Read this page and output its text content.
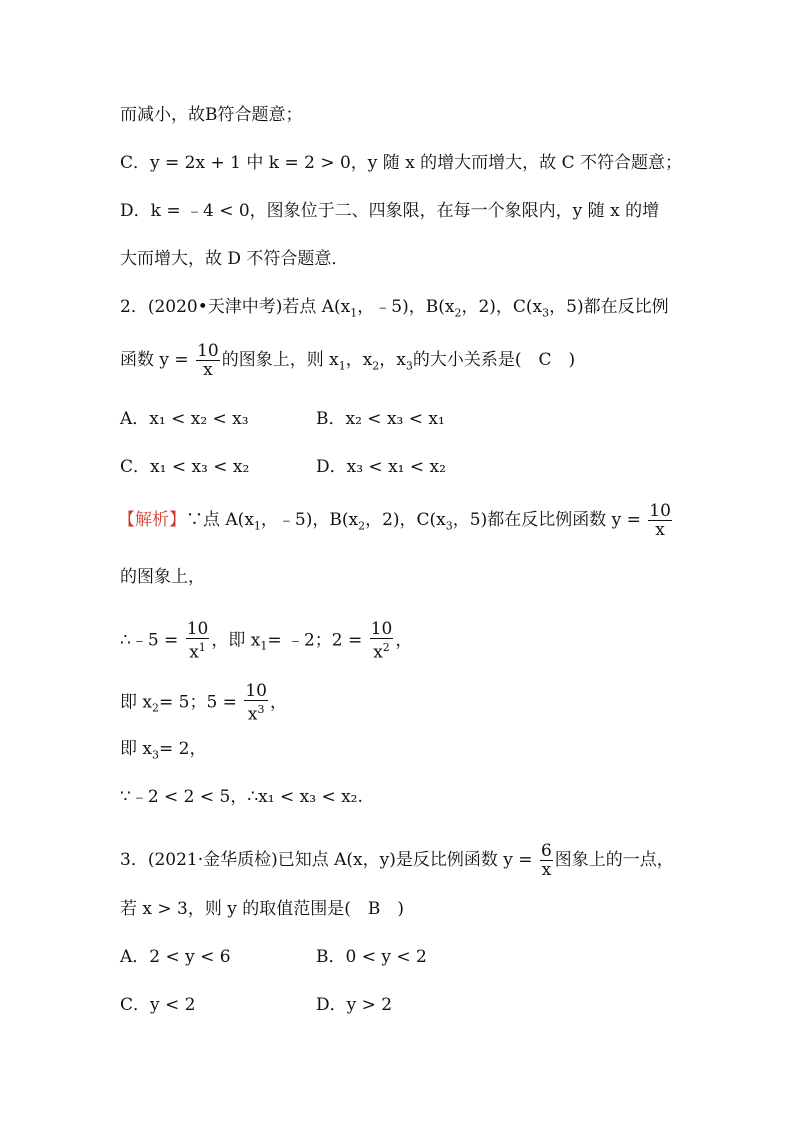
而减小，故B符合题意；
C．y = 2x + 1 中 k = 2 > 0，y 随 x 的增大而增大，故 C 不符合题意；
D．k = ﹣4 < 0，图象位于二、四象限，在每一个象限内，y 随 x 的增
大而增大，故 D 不符合题意．
2．(2020•天津中考)若点 $A(x_1$，﹣5)，$B(x_2$，2)，$C(x_3$，5)都在反比例
函数 $y = \frac{10}{x}$ 的图象上，则 $x_1$，$x_2$，$x_3$的大小关系是(　C　)
A．x₁ < x₂ < x₃	B．x₂ < x₃ < x₁
C．x₁ < x₃ < x₂	D．x₃ < x₁ < x₂
【解析】∵点 $A(x_1$，﹣5)，$B(x_2$，2)，$C(x_3$，5)都在反比例函数 $y = \frac{10}{x}$
的图象上，
∴﹣5 = $\frac{10}{x^1}$ ，即 $x_1=$ ﹣2；$2 = \frac{10}{x^2}$ ，
即 $x_2= 5$；$5 = \frac{10}{x^3}$ ，
即 $x_3= 2$，
∵﹣2 < 2 < 5，∴x₁ < x₃ < x₂.
3．(2021·金华质检)已知点 A(x，y)是反比例函数 $y = \frac{6}{x}$ 图象上的一点，
若 x > 3，则 y 的取值范围是(　B　)
A．2 < y < 6	B．0 < y < 2
C．y < 2	D．y > 2
